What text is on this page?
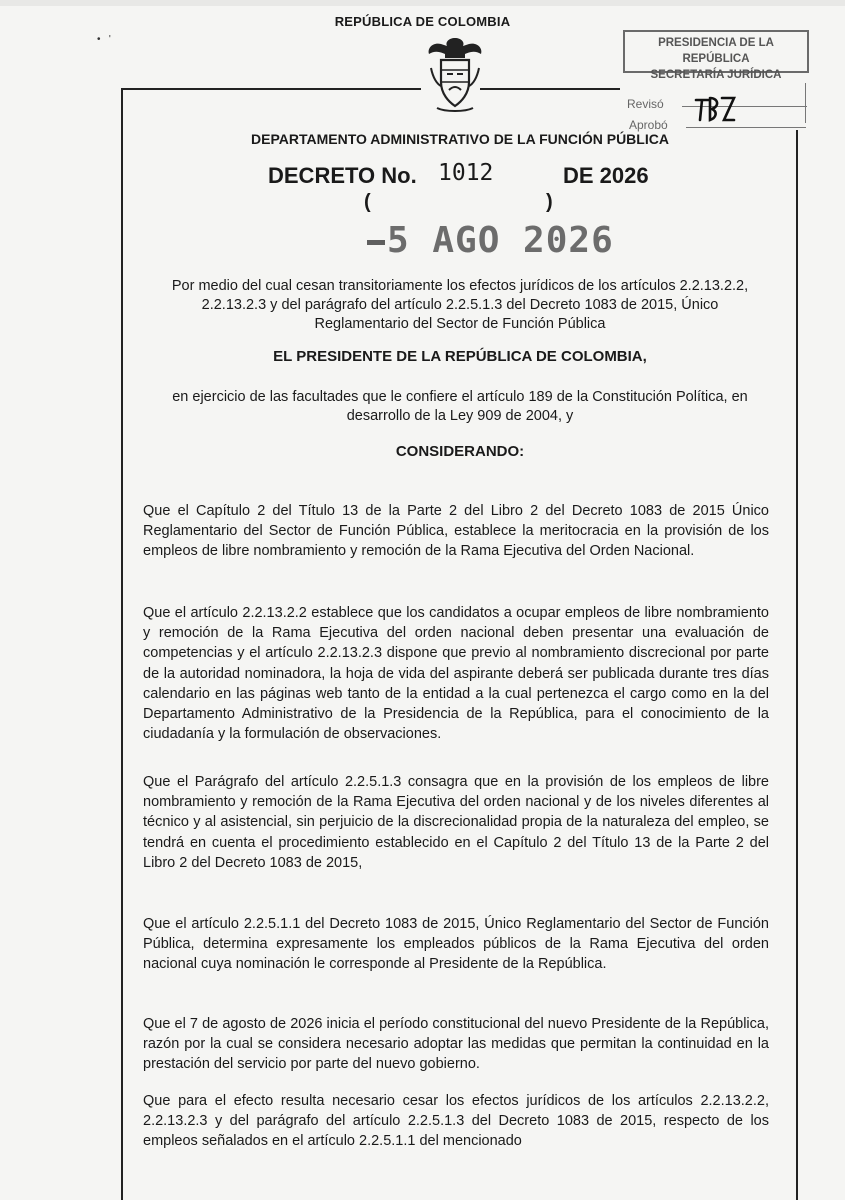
•   '
REPÚBLICA DE COLOMBIA
PRESIDENCIA DE LA REPÚBLICA
SECRETARÍA JURÍDICA
Revisó
Aprobó
DEPARTAMENTO ADMINISTRATIVO DE LA FUNCIÓN PÚBLICA
DECRETO No. 1012	DE 2026
(	)
5 AGO 2026
Por medio del cual cesan transitoriamente los efectos jurídicos de los artículos 2.2.13.2.2, 2.2.13.2.3 y del parágrafo del artículo 2.2.5.1.3 del Decreto 1083 de 2015, Único Reglamentario del Sector de Función Pública
EL PRESIDENTE DE LA REPÚBLICA DE COLOMBIA,
en ejercicio de las facultades que le confiere el artículo 189 de la Constitución Política, en desarrollo de la Ley 909 de 2004, y
CONSIDERANDO:
Que el Capítulo 2 del Título 13 de la Parte 2 del Libro 2 del Decreto 1083 de 2015 Único Reglamentario del Sector de Función Pública, establece la meritocracia en la provisión de los empleos de libre nombramiento y remoción de la Rama Ejecutiva del Orden Nacional.
Que el artículo 2.2.13.2.2 establece que los candidatos a ocupar empleos de libre nombramiento y remoción de la Rama Ejecutiva del orden nacional deben presentar una evaluación de competencias y el artículo 2.2.13.2.3 dispone que previo al nombramiento discrecional por parte de la autoridad nominadora, la hoja de vida del aspirante deberá ser publicada durante tres días calendario en las páginas web tanto de la entidad a la cual pertenezca el cargo como en la del Departamento Administrativo de la Presidencia de la República, para el conocimiento de la ciudadanía y la formulación de observaciones.
Que el Parágrafo del artículo 2.2.5.1.3 consagra que en la provisión de los empleos de libre nombramiento y remoción de la Rama Ejecutiva del orden nacional y de los niveles diferentes al técnico y al asistencial, sin perjuicio de la discrecionalidad propia de la naturaleza del empleo, se tendrá en cuenta el procedimiento establecido en el Capítulo 2 del Título 13 de la Parte 2 del Libro 2 del Decreto 1083 de 2015,
Que el artículo 2.2.5.1.1 del Decreto 1083 de 2015, Único Reglamentario del Sector de Función Pública, determina expresamente los empleados públicos de la Rama Ejecutiva del orden nacional cuya nominación le corresponde al Presidente de la República.
Que el 7 de agosto de 2026 inicia el período constitucional del nuevo Presidente de la República, razón por la cual se considera necesario adoptar las medidas que permitan la continuidad en la prestación del servicio por parte del nuevo gobierno.
Que para el efecto resulta necesario cesar los efectos jurídicos de los artículos 2.2.13.2.2, 2.2.13.2.3 y del parágrafo del artículo 2.2.5.1.3 del Decreto 1083 de 2015, respecto de los empleos señalados en el artículo 2.2.5.1.1 del mencionado
